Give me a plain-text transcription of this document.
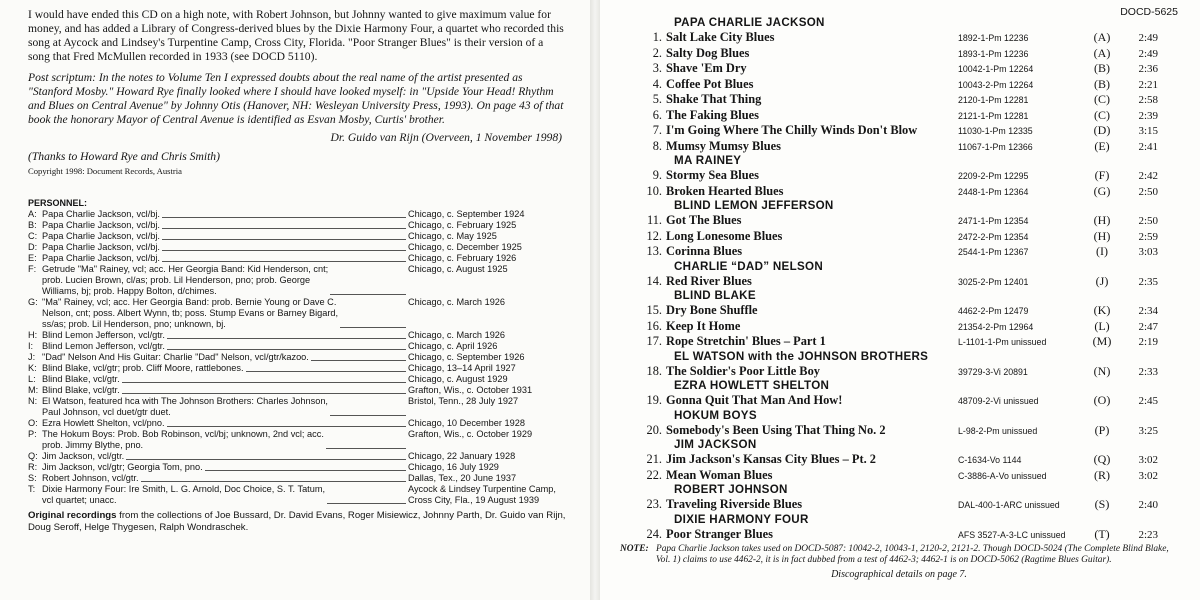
I would have ended this CD on a high note, with Robert Johnson, but Johnny wanted to give maximum value for money, and has added a Library of Congress-derived blues by the Dixie Harmony Four, a quartet who recorded this song at Aycock and Lindsey's Turpentine Camp, Cross City, Florida. "Poor Stranger Blues" is their version of a song that Fred McMullen recorded in 1933 (see DOCD 5110).

Post scriptum: In the notes to Volume Ten I expressed doubts about the real name of the artist presented as "Stanford Mosby." Howard Rye finally looked where I should have looked myself: in "Upside Your Head! Rhythm and Blues on Central Avenue" by Johnny Otis (Hanover, NH: Wesleyan University Press, 1993). On page 43 of that book the honorary Mayor of Central Avenue is identified as Esvan Mosby, Curtis' brother.

Dr. Guido van Rijn (Overveen, 1 November 1998)
(Thanks to Howard Rye and Chris Smith)
Copyright 1998: Document Records, Austria
PERSONNEL:
A: Papa Charlie Jackson, vcl/bj.	Chicago, c. September 1924
B: Papa Charlie Jackson, vcl/bj.	Chicago, c. February 1925
C: Papa Charlie Jackson, vcl/bj.	Chicago, c. May 1925
D: Papa Charlie Jackson, vcl/bj.	Chicago, c. December 1925
E: Papa Charlie Jackson, vcl/bj.	Chicago, c. February 1926
F: Getrude "Ma" Rainey, vcl; acc. Her Georgia Band: Kid Henderson, cnt;
prob. Lucien Brown, cl/as; prob. Lil Henderson, pno; prob. George
Williams, bj; prob. Happy Bolton, d/chimes.
Chicago, c. August 1925
G: "Ma" Rainey, vcl; acc. Her Georgia Band: prob. Bernie Young or Dave C.
Nelson, cnt; poss. Albert Wynn, tb; poss. Stump Evans or Barney Bigard,
ss/as; prob. Lil Henderson, pno; unknown, bj.
Chicago, c. March 1926
H: Blind Lemon Jefferson, vcl/gtr.	Chicago, c. March 1926
I: Blind Lemon Jefferson, vcl/gtr.	Chicago, c. April 1926
J: "Dad" Nelson And His Guitar: Charlie "Dad" Nelson, vcl/gtr/kazoo.	Chicago, c. September 1926
K: Blind Blake, vcl/gtr; prob. Cliff Moore, rattlebones.	Chicago, 13–14 April 1927
L: Blind Blake, vcl/gtr.	Chicago, c. August 1929
M: Blind Blake, vcl/gtr.	Grafton, Wis., c. October 1931
N: El Watson, featured hca with The Johnson Brothers: Charles Johnson,
Paul Johnson, vcl duet/gtr duet.
Bristol, Tenn., 28 July 1927
O: Ezra Howlett Shelton, vcl/pno.	Chicago, 10 December 1928
P: The Hokum Boys: Prob. Bob Robinson, vcl/bj; unknown, 2nd vcl; acc.
prob. Jimmy Blythe, pno.
Grafton, Wis., c. October 1929
Q: Jim Jackson, vcl/gtr.	Chicago, 22 January 1928
R: Jim Jackson, vcl/gtr; Georgia Tom, pno.	Chicago, 16 July 1929
S: Robert Johnson, vcl/gtr.	Dallas, Tex., 20 June 1937
T: Dixie Harmony Four: Ire Smith, L. G. Arnold, Doc Choice, S. T. Tatum,
vcl quartet; unacc.
Aycock & Lindsey Turpentine Camp,
Cross City, Fla., 19 August 1939
Original recordings from the collections of Joe Bussard, Dr. David Evans, Roger Misiewicz, Johnny Parth, Dr. Guido van Rijn, Doug Seroff, Helge Thygesen, Ralph Wondraschek.
DOCD-5625
PAPA CHARLIE JACKSON
1. Salt Lake City Blues	1892-1-Pm 12236	(A)	2:49
2. Salty Dog Blues	1893-1-Pm 12236	(A)	2:49
3. Shave 'Em Dry	10042-1-Pm 12264	(B)	2:36
4. Coffee Pot Blues	10043-2-Pm 12264	(B)	2:21
5. Shake That Thing	2120-1-Pm 12281	(C)	2:58
6. The Faking Blues	2121-1-Pm 12281	(C)	2:39
7. I'm Going Where The Chilly Winds Don't Blow	11030-1-Pm 12335	(D)	3:15
8. Mumsy Mumsy Blues	11067-1-Pm 12366	(E)	2:41
MA RAINEY
9. Stormy Sea Blues	2209-2-Pm 12295	(F)	2:42
10. Broken Hearted Blues	2448-1-Pm 12364	(G)	2:50
BLIND LEMON JEFFERSON
11. Got The Blues	2471-1-Pm 12354	(H)	2:50
12. Long Lonesome Blues	2472-2-Pm 12354	(H)	2:59
13. Corinna Blues	2544-1-Pm 12367	(I)	3:03
CHARLIE “DAD” NELSON
14. Red River Blues	3025-2-Pm 12401	(J)	2:35
BLIND BLAKE
15. Dry Bone Shuffle	4462-2-Pm 12479	(K)	2:34
16. Keep It Home	21354-2-Pm 12964	(L)	2:47
17. Rope Stretchin' Blues – Part 1	L-1101-1-Pm unissued	(M)	2:19
EL WATSON with the JOHNSON BROTHERS
18. The Soldier's Poor Little Boy	39729-3-Vi 20891	(N)	2:33
EZRA HOWLETT SHELTON
19. Gonna Quit That Man And How!	48709-2-Vi unissued	(O)	2:45
HOKUM BOYS
20. Somebody's Been Using That Thing No. 2	L-98-2-Pm unissued	(P)	3:25
JIM JACKSON
21. Jim Jackson's Kansas City Blues – Pt. 2	C-1634-Vo 1144	(Q)	3:02
22. Mean Woman Blues	C-3886-A-Vo unissued	(R)	3:02
ROBERT JOHNSON
23. Traveling Riverside Blues	DAL-400-1-ARC unissued	(S)	2:40
DIXIE HARMONY FOUR
24. Poor Stranger Blues	AFS 3527-A-3-LC unissued	(T)	2:23
NOTE: Papa Charlie Jackson takes used on DOCD-5087: 10042-2, 10043-1, 2120-2, 2121-2. Though DOCD-5024 (The Complete Blind Blake, Vol. 1) claims to use 4462-2, it is in fact dubbed from a test of 4462-3; 4462-1 is on DOCD-5062 (Ragtime Blues Guitar).
Discographical details on page 7.
